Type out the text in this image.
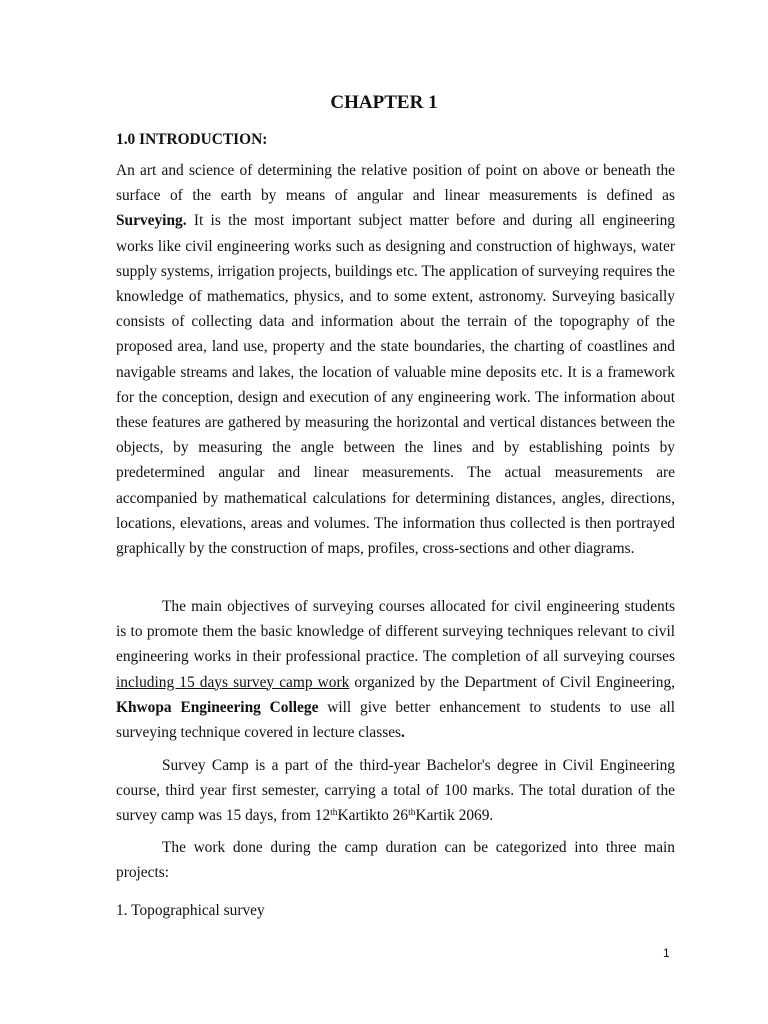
CHAPTER 1
1.0 INTRODUCTION:

An art and science of determining the relative position of point on above or beneath the surface of the earth by means of angular and linear measurements is defined as Surveying. It is the most important subject matter before and during all engineering works like civil engineering works such as designing and construction of highways, water supply systems, irrigation projects, buildings etc. The application of surveying requires the knowledge of mathematics, physics, and to some extent, astronomy. Surveying basically consists of collecting data and information about the terrain of the topography of the proposed area, land use, property and the state boundaries, the charting of coastlines and navigable streams and lakes, the location of valuable mine deposits etc. It is a framework for the conception, design and execution of any engineering work. The information about these features are gathered by measuring the horizontal and vertical distances between the objects, by measuring the angle between the lines and by establishing points by predetermined angular and linear measurements. The actual measurements are accompanied by mathematical calculations for determining distances, angles, directions, locations, elevations, areas and volumes. The information thus collected is then portrayed graphically by the construction of maps, profiles, cross-sections and other diagrams.

The main objectives of surveying courses allocated for civil engineering students is to promote them the basic knowledge of different surveying techniques relevant to civil engineering works in their professional practice. The completion of all surveying courses including 15 days survey camp work organized by the Department of Civil Engineering, Khwopa Engineering College will give better enhancement to students to use all surveying technique covered in lecture classes.

Survey Camp is a part of the third-year Bachelor's degree in Civil Engineering course, third year first semester, carrying a total of 100 marks. The total duration of the survey camp was 15 days, from 12thKartikto 26thKartik 2069.

The work done during the camp duration can be categorized into three main projects:

1. Topographical survey

1
